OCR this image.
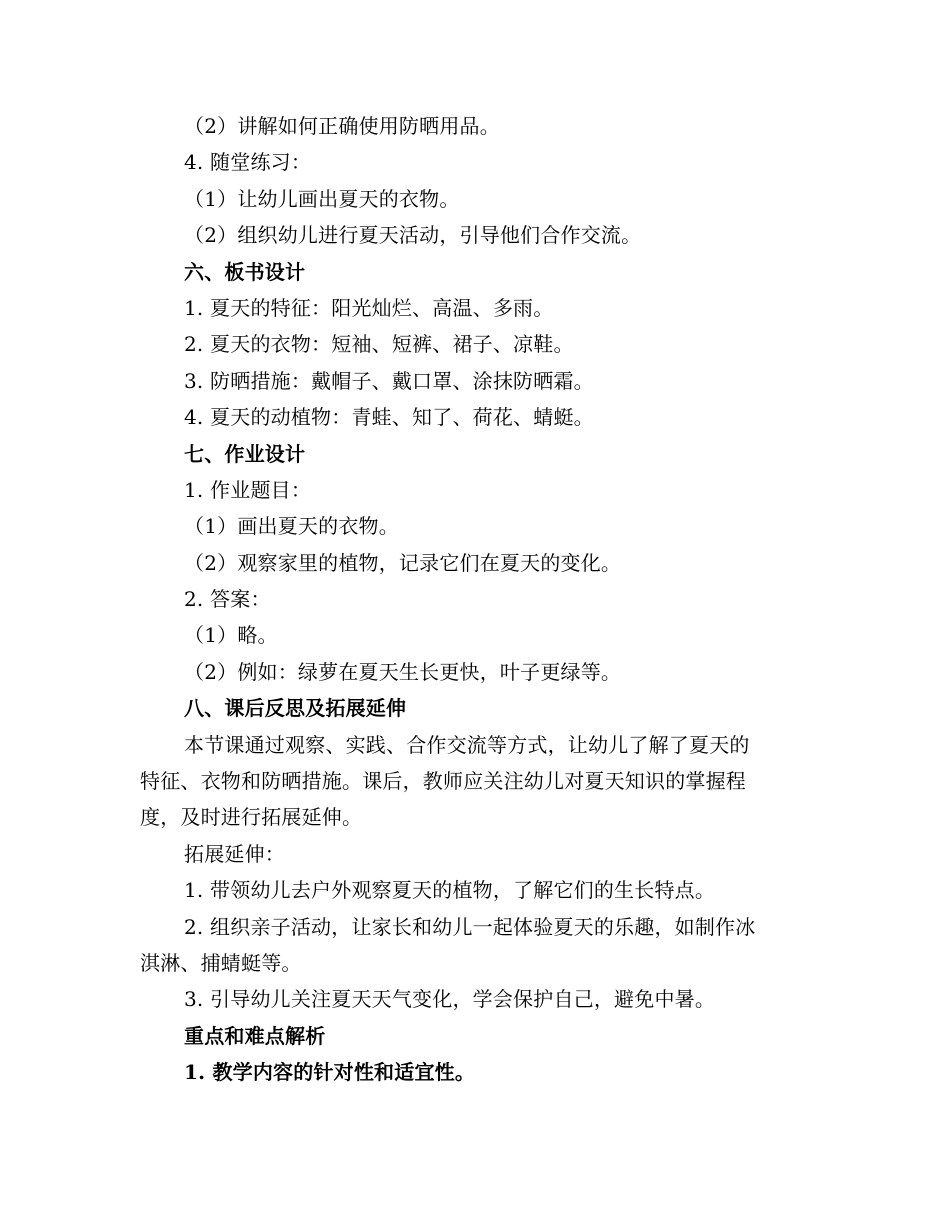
（2）讲解如何正确使用防晒用品。
4. 随堂练习：
（1）让幼儿画出夏天的衣物。
（2）组织幼儿进行夏天活动，引导他们合作交流。
六、板书设计
1. 夏天的特征：阳光灿烂、高温、多雨。
2. 夏天的衣物：短袖、短裤、裙子、凉鞋。
3. 防晒措施：戴帽子、戴口罩、涂抹防晒霜。
4. 夏天的动植物：青蛙、知了、荷花、蜻蜓。
七、作业设计
1. 作业题目：
（1）画出夏天的衣物。
（2）观察家里的植物，记录它们在夏天的变化。
2. 答案：
（1）略。
（2）例如：绿萝在夏天生长更快，叶子更绿等。
八、课后反思及拓展延伸
本节课通过观察、实践、合作交流等方式，让幼儿了解了夏天的
特征、衣物和防晒措施。课后，教师应关注幼儿对夏天知识的掌握程
度，及时进行拓展延伸。
拓展延伸：
1. 带领幼儿去户外观察夏天的植物，了解它们的生长特点。
2. 组织亲子活动，让家长和幼儿一起体验夏天的乐趣，如制作冰
淇淋、捕蜻蜓等。
3. 引导幼儿关注夏天天气变化，学会保护自己，避免中暑。
重点和难点解析
1. 教学内容的针对性和适宜性。
